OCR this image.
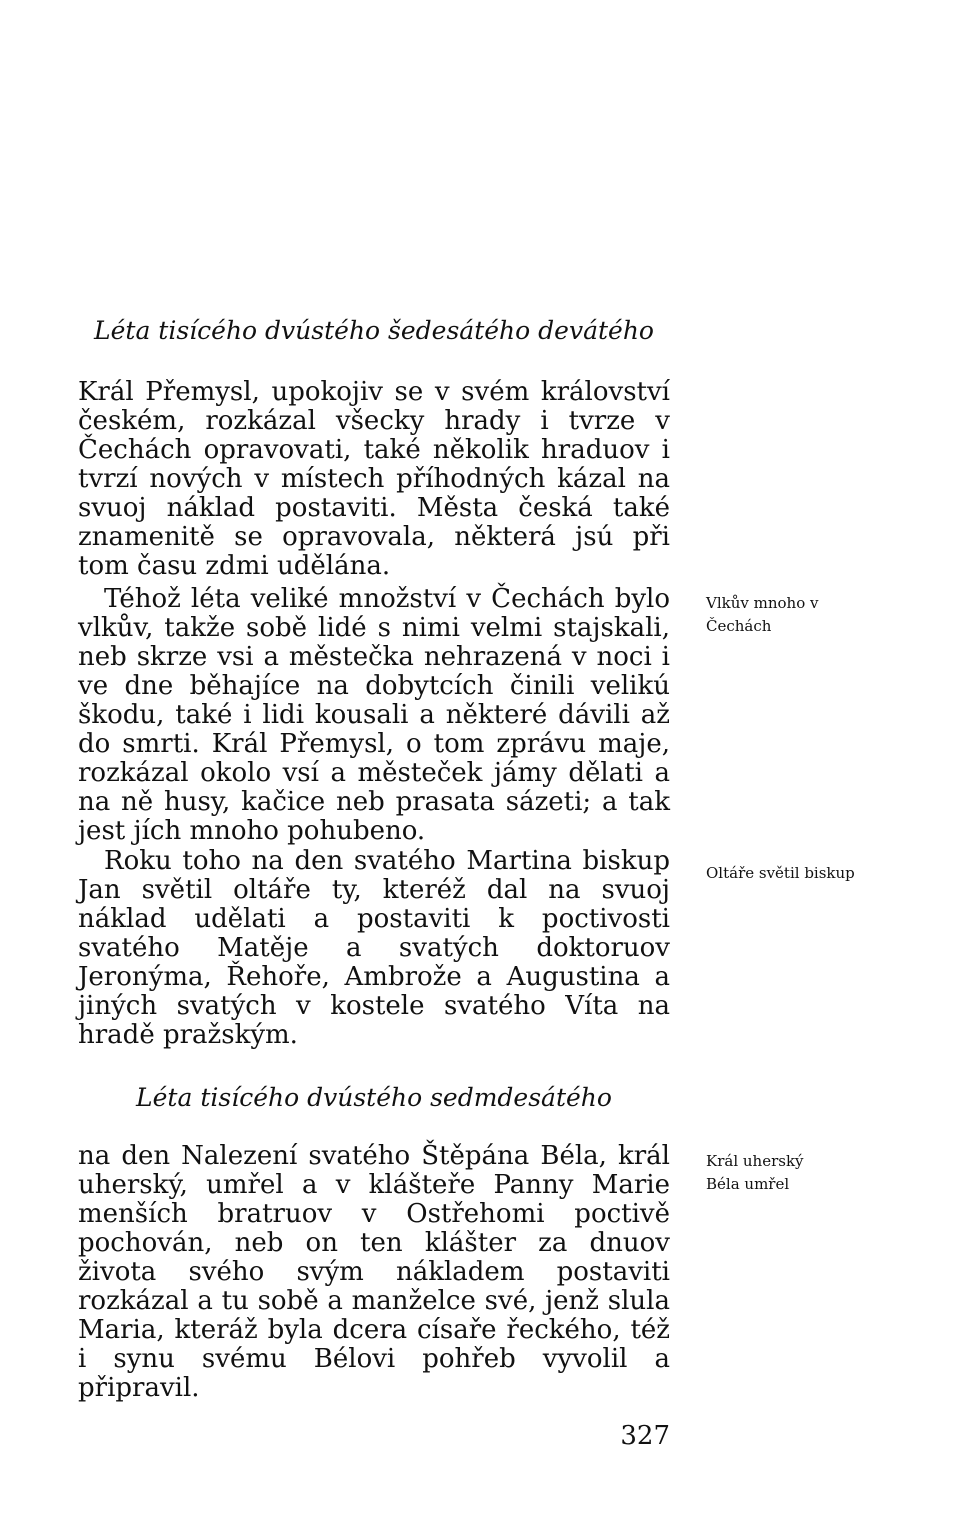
Léta tisícého dvústého šedesátého devátého

Král Přemysl, upokojiv se v svém království českém, rozkázal všecky hrady i tvrze v Čechách opravovati, také několik hraduov i tvrzí nových v místech příhodných kázal na svuoj náklad postaviti. Města česká také znamenitě se opravovala, některá jsú při tom času zdmi udělána.

Téhož léta veliké množství v Čechách bylo vlkův, takže sobě lidé s nimi velmi stajskali, neb skrze vsi a městečka nehrazená v noci i ve dne běhajíce na dobytcích činili velikú škodu, také i lidi kousali a některé dávili až do smrti. Král Přemysl, o tom zprávu maje, rozkázal okolo vsí a městeček jámy dělati a na ně husy, kačice neb prasata sázeti; a tak jest jích mnoho pohubeno.

Vlkův mnoho v Čechách

Roku toho na den svatého Martina biskup Jan světil oltáře ty, kteréž dal na svuoj náklad udělati a postaviti k poctivosti svatého Matěje a svatých doktoruov Jeronýma, Řehoře, Ambrože a Augustina a jiných svatých v kostele svatého Víta na hradě pražským.

Oltáře světil biskup

Léta tisícého dvústého sedmdesátého

na den Nalezení svatého Štěpána Béla, král uherský, umřel a v klášteře Panny Marie menších bratruov v Ostřehomi poctivě pochován, neb on ten klášter za dnuov života svého svým nákladem postaviti rozkázal a tu sobě a manželce své, jenž slula Maria, kteráž byla dcera císaře řeckého, též i synu svému Bélovi pohřeb vyvolil a připravil.

Král uherský Béla umřel

327
